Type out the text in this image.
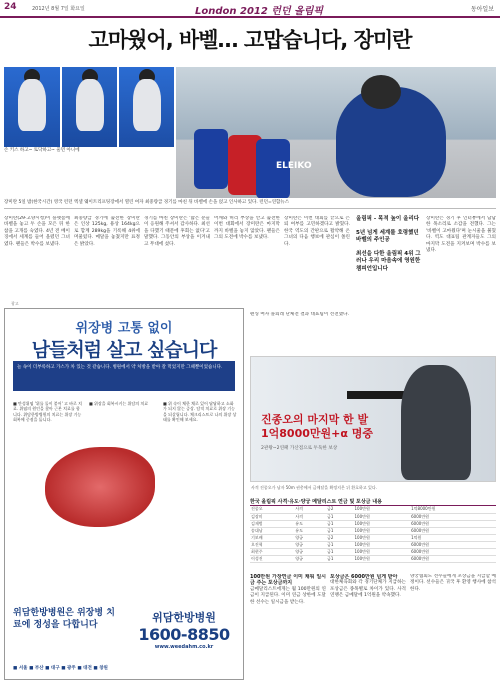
24	2012년 8월 7일 화요일	London 2012 런던 올림픽	동아일보
고마웠어, 바벨… 고맙습니다, 장미란
ELEIKO
손 키스 하고~ 토닥하고~ 울먼 아니에
장미란 5일 밤(한국시간) 영국 런던 엑셀 웨이트리프팅장에서 열린 여자 최중량급 경기를 마친 뒤 바벨에 손을 얹고 인사하고 있다. 런던=연합뉴스
장미란(29·고양시청)이 플랫폼에 바벨을 놓고 두 손을 모은 뒤 한참을 고개를 숙였다. 4년 전 베이징에서 세계를 들어 올렸던 그녀였다. 팬들은 박수를 보냈다.
최중량급 경기에 출전한 장미란은 인상 125kg, 용상 164kg으로 합계 289kg을 기록해 4위에 머물렀다. 메달을 놓쳤지만 표정은 밝았다.
경기를 마친 장미란은 '많은 분들이 응원해 주셔서 감사하다. 최선을 다했기 때문에 후회는 없다'고 말했다. 그동안의 부상을 이겨내고 무대에 섰다.
어깨와 허리 부상을 안고 출전한 이번 대회에서 장미란은 마지막까지 바벨을 놓지 않았다. 팬들은 그의 도전에 박수를 보냈다.
장미란은 이번 대회를 끝으로 은퇴 여부를 고민하겠다고 밝혔다. 한국 역도의 간판으로 활약해 온 그녀의 다음 행보에 관심이 쏠린다.
올림픽 - 목적 높이 올리다
5년 넘게 세계를 호령했던 바벨의 주인공
최선을 다한 올림픽 4위 그러나 우리 마음속에 영원한 챔피언입니다
장미란은 경기 후 인터뷰에서 담담한 목소리로 소감을 전했다. 그는 '바벨이 고마웠다'며 눈시울을 붉혔다. 역도 대표팀 관계자들도 그의 마지막 도전을 지켜보며 박수를 보냈다.
광고
위장병 고통 없이
남들처럼 살고 싶습니다
늘 속이 더부룩하고 가스가 차 있는 것 같습니다. 병원에서 약 처방을 받아 잘 먹었지만 그때뿐이었습니다.
■ 만성위염 '위를 돌이 붙어' 고 바로 치료. 위염의 원인을 찾아 근본 치료를 합니다. 위담한방병원의 치료는 위장 기능 회복에 중점을 둡니다.
■ 위장을 회복시키는 위담의 치료	■ 위 속이 체한 채로 있어 답답하고 소화가 되지 않는 증상. 담적 치료로 위장 기능을 되살립니다. 체크리스트로 나의 위장 상태를 확인해 보세요.
위담한방병원은 위장병 치료에 정성을 다합니다
위담한방병원
1600-8850
www.weedahm.co.kr
■ 서울 ■ 부산 ■ 대구 ■ 광주 ■ 대전 ■ 창원
펜싱 여자 플뢰레 단체전 결과 대표팀이 선전했다.
진종오의 마지막 한 발
1억8000만원+α 명중
2관왕~2연패 가산점으로 두둑한 보상
사격 진종오가 남자 50m 권총에서 금메달을 확정지은 뒤 환호하고 있다.
한국 올림픽 사격·유도·양궁 메달리스트 연금 및 포상금 내용
진종오	사격	금2	100만원	1억8000만원
김장미	사격	금1	100만원	6000만원
김재범	유도	금1	100만원	6000만원
송대남	유도	금1	100만원	6000만원
기보배	양궁	금2	100만원	1억원
오진혁	양궁	금1	100만원	6000만원
최현주	양궁	금1	100만원	6000만원
이성진	양궁	금1	100만원	6000만원
100만원 가장연금 이미 채워 일시금 주는 포상금까지
금메달리스트에게는 월 100만원의 연금이 지급된다. 이미 연금 상한에 도달한 선수는 일시금을 받는다.
포상금은 6000만원 넘게 받아
대한체육회와 각 경기단체가 지급하는 포상금은 종목별로 차이가 있다. 사격연맹은 금메달에 1억원을 약속했다.
양궁협회도 선수들에게 포상금을 지급할 예정이다. 선수들은 귀국 후 환영 행사에 참석한다.
